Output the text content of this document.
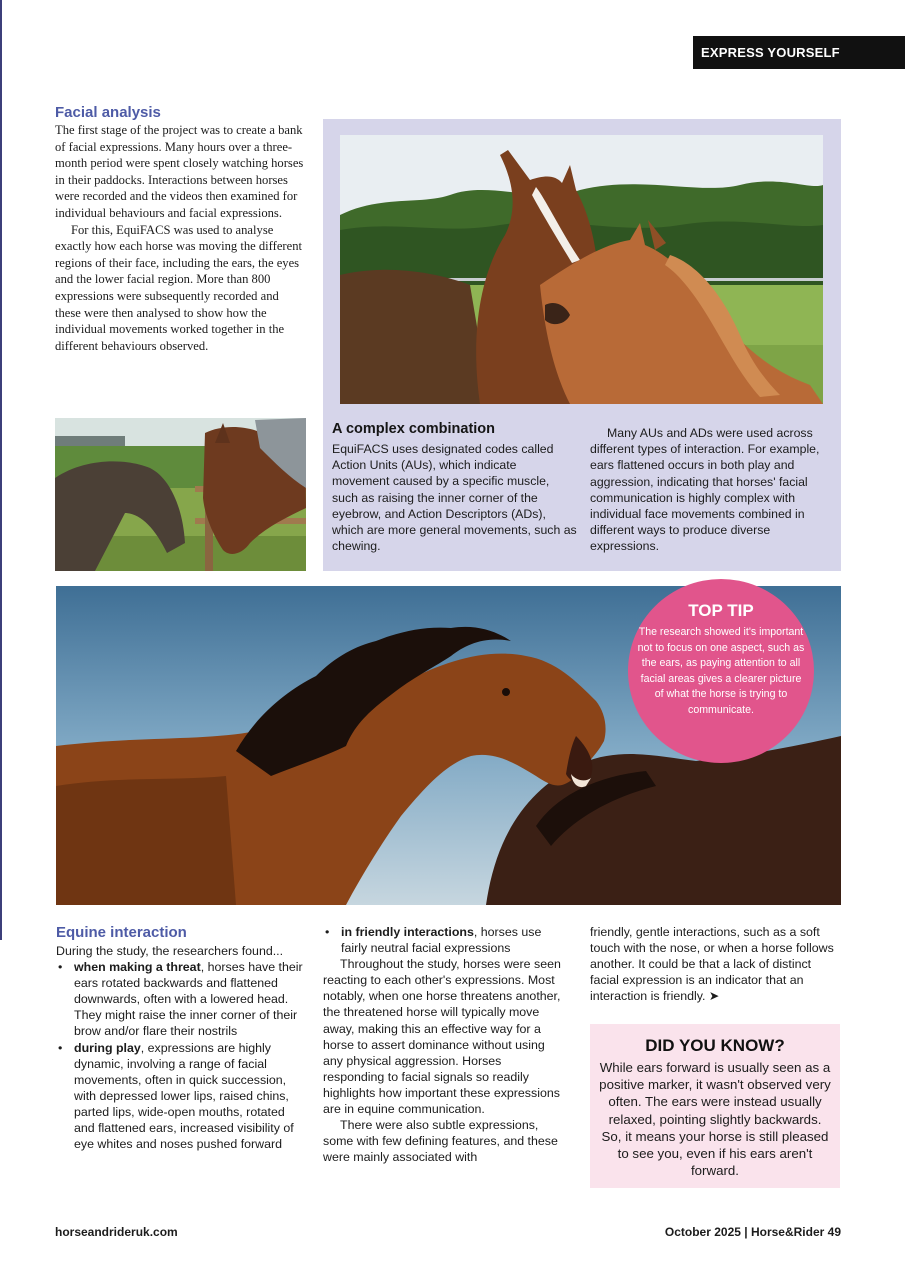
EXPRESS YOURSELF
Facial analysis

The first stage of the project was to create a bank of facial expressions. Many hours over a three-month period were spent closely watching horses in their paddocks. Interactions between horses were recorded and the videos then examined for individual behaviours and facial expressions.

For this, EquiFACS was used to analyse exactly how each horse was moving the different regions of their face, including the ears, the eyes and the lower facial region. More than 800 expressions were subsequently recorded and these were then analysed to show how the individual movements worked together in the different behaviours observed.

A complex combination

EquiFACS uses designated codes called Action Units (AUs), which indicate movement caused by a specific muscle, such as raising the inner corner of the eyebrow, and Action Descriptors (ADs), which are more general movements, such as chewing.

Many AUs and ADs were used across different types of interaction. For example, ears flattened occurs in both play and aggression, indicating that horses' facial communication is highly complex with individual face movements combined in different ways to produce diverse expressions.

TOP TIP

The research showed it's important not to focus on one aspect, such as the ears, as paying attention to all facial areas gives a clearer picture of what the horse is trying to communicate.

Equine interaction

During the study, the researchers found...

• when making a threat, horses have their ears rotated backwards and flattened downwards, often with a lowered head. They might raise the inner corner of their brow and/or flare their nostrils
• during play, expressions are highly dynamic, involving a range of facial movements, often in quick succession, with depressed lower lips, raised chins, parted lips, wide-open mouths, rotated and flattened ears, increased visibility of eye whites and noses pushed forward
• in friendly interactions, horses use fairly neutral facial expressions

Throughout the study, horses were seen reacting to each other's expressions. Most notably, when one horse threatens another, the threatened horse will typically move away, making this an effective way for a horse to assert dominance without using any physical aggression. Horses responding to facial signals so readily highlights how important these expressions are in equine communication.

There were also subtle expressions, some with few defining features, and these were mainly associated with

friendly, gentle interactions, such as a soft touch with the nose, or when a horse follows another. It could be that a lack of distinct facial expression is an indicator that an interaction is friendly. ➤

DID YOU KNOW?

While ears forward is usually seen as a positive marker, it wasn't observed very often. The ears were instead usually relaxed, pointing slightly backwards. So, it means your horse is still pleased to see you, even if his ears aren't forward.

horseandrideruk.com	October 2025 | Horse&Rider 49
